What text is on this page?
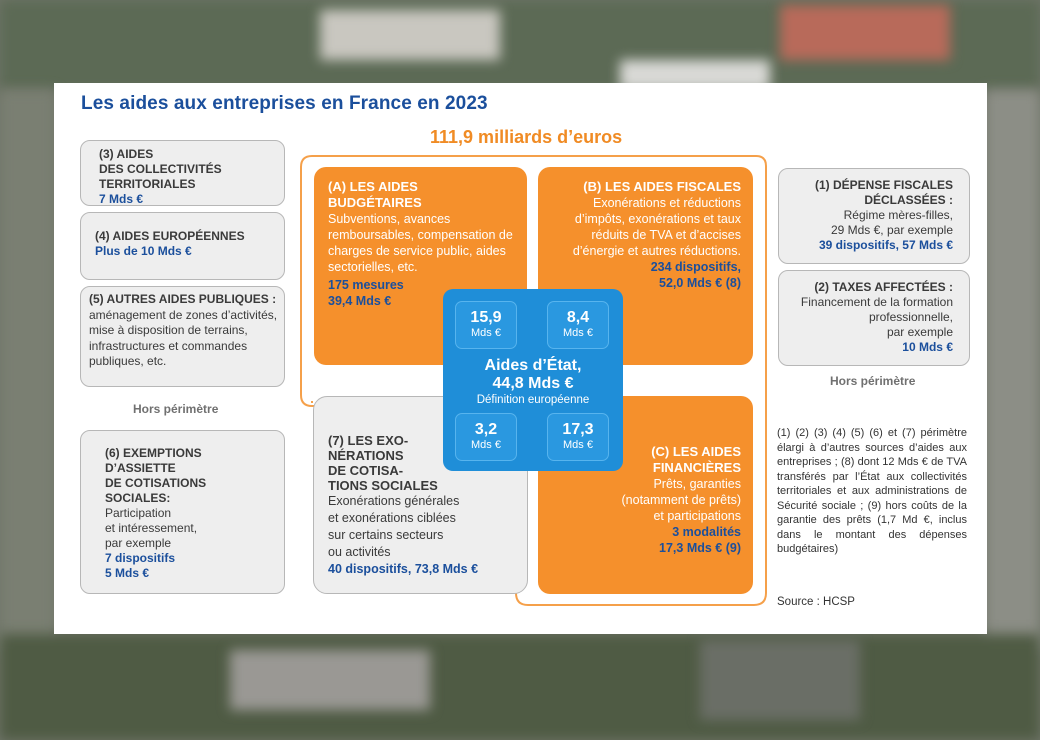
Les aides aux entreprises en France en 2023
111,9 milliards d’euros
(3) AIDES
DES COLLECTIVITÉS
TERRITORIALES
7 Mds €
(4) AIDES EUROPÉENNES
Plus de 10 Mds €
(5) AUTRES AIDES PUBLIQUES : aménagement de zones d’activités, mise à disposition de terrains, infrastructures et commandes publiques, etc.
Hors périmètre
(6) EXEMPTIONS
D’ASSIETTE
DE COTISATIONS
SOCIALES:
Participation
et intéressement,
par exemple
7 dispositifs
5 Mds €
(7) LES EXO-
NÉRATIONS
DE COTISA-
TIONS SOCIALES
Exonérations générales
et exonérations ciblées
sur certains secteurs
ou activités
40 dispositifs, 73,8 Mds €
(A) LES AIDES
BUDGÉTAIRES
Subventions, avances remboursables, compensation de charges de service public, aides sectorielles, etc.
175 mesures
39,4 Mds €
(B) LES AIDES FISCALES
Exonérations et réductions d’impôts, exonérations et taux réduits de TVA et d’accises d’énergie et autres réductions.
234 dispositifs,
52,0 Mds € (8)
(C) LES AIDES
FINANCIÈRES
Prêts, garanties
(notamment de prêts)
et participations
3 modalités
17,3 Mds € (9)
15,9
Mds €
8,4
Mds €
Aides d’État,
44,8 Mds €
Définition européenne
3,2
Mds €
17,3
Mds €
(1) DÉPENSE FISCALES
DÉCLASSÉES :
Régime mères-filles,
29 Mds €, par exemple
39 dispositifs, 57 Mds €
(2) TAXES AFFECTÉES :
Financement de la formation
professionnelle,
par exemple
10 Mds €
Hors périmètre
(1) (2) (3) (4) (5) (6) et (7) périmètre élargi à d’autres sources d’aides aux entreprises ; (8) dont 12 Mds € de TVA transférés par l’État aux collectivités territoriales et aux administrations de Sécurité sociale ; (9) hors coûts de la garantie des prêts (1,7 Md €, inclus dans le montant des dépenses budgétaires)
Source : HCSP
